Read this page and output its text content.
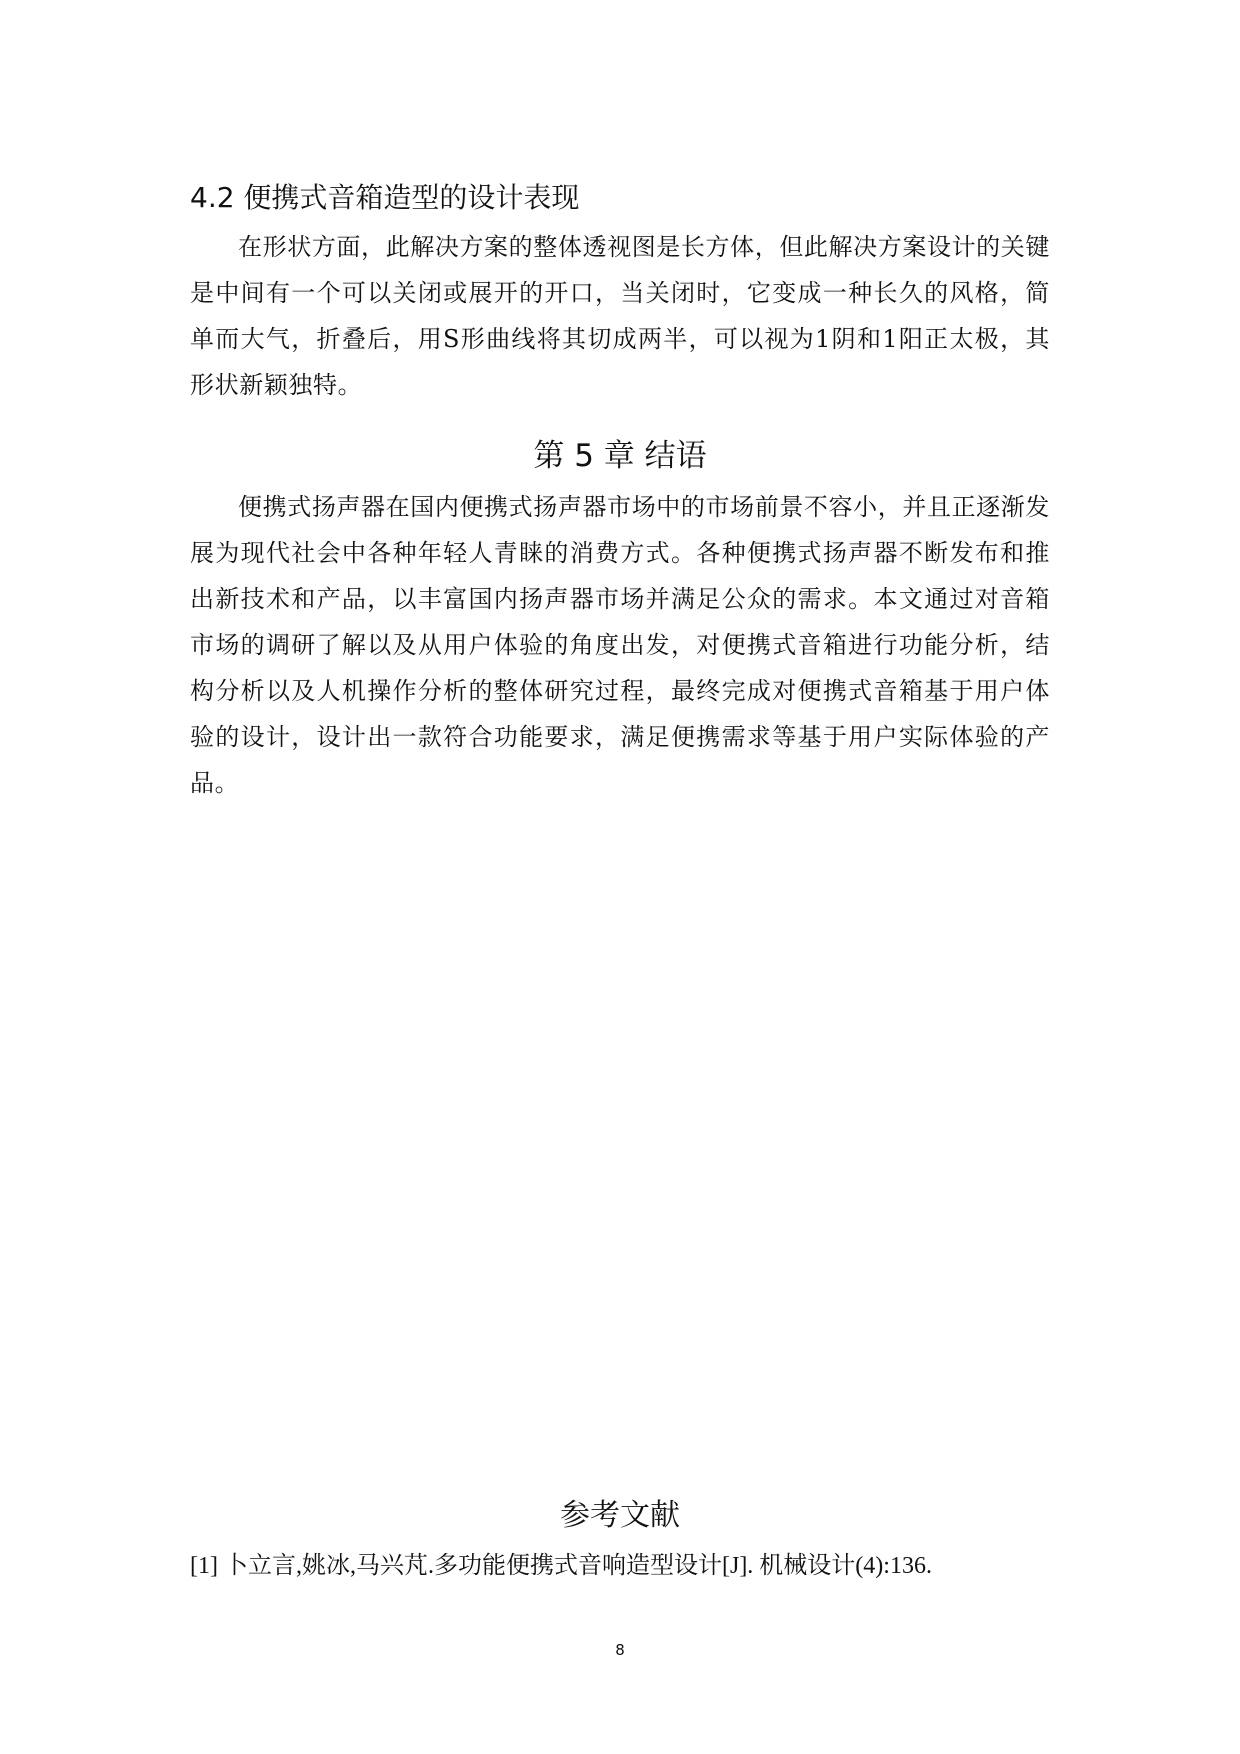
4.2 便携式音箱造型的设计表现

在形状方面，此解决方案的整体透视图是长方体，但此解决方案设计的关键是中间有一个可以关闭或展开的开口，当关闭时，它变成一种长久的风格，简单而大气，折叠后，用S形曲线将其切成两半，可以视为1阴和1阳正太极，其形状新颖独特。

第 5 章 结语

便携式扬声器在国内便携式扬声器市场中的市场前景不容小，并且正逐渐发展为现代社会中各种年轻人青睐的消费方式。各种便携式扬声器不断发布和推出新技术和产品，以丰富国内扬声器市场并满足公众的需求。本文通过对音箱市场的调研了解以及从用户体验的角度出发，对便携式音箱进行功能分析，结构分析以及人机操作分析的整体研究过程，最终完成对便携式音箱基于用户体验的设计，设计出一款符合功能要求，满足便携需求等基于用户实际体验的产品。

参考文献
[1] 卜立言,姚冰,马兴芃.多功能便携式音响造型设计[J]. 机械设计(4):136.
8
